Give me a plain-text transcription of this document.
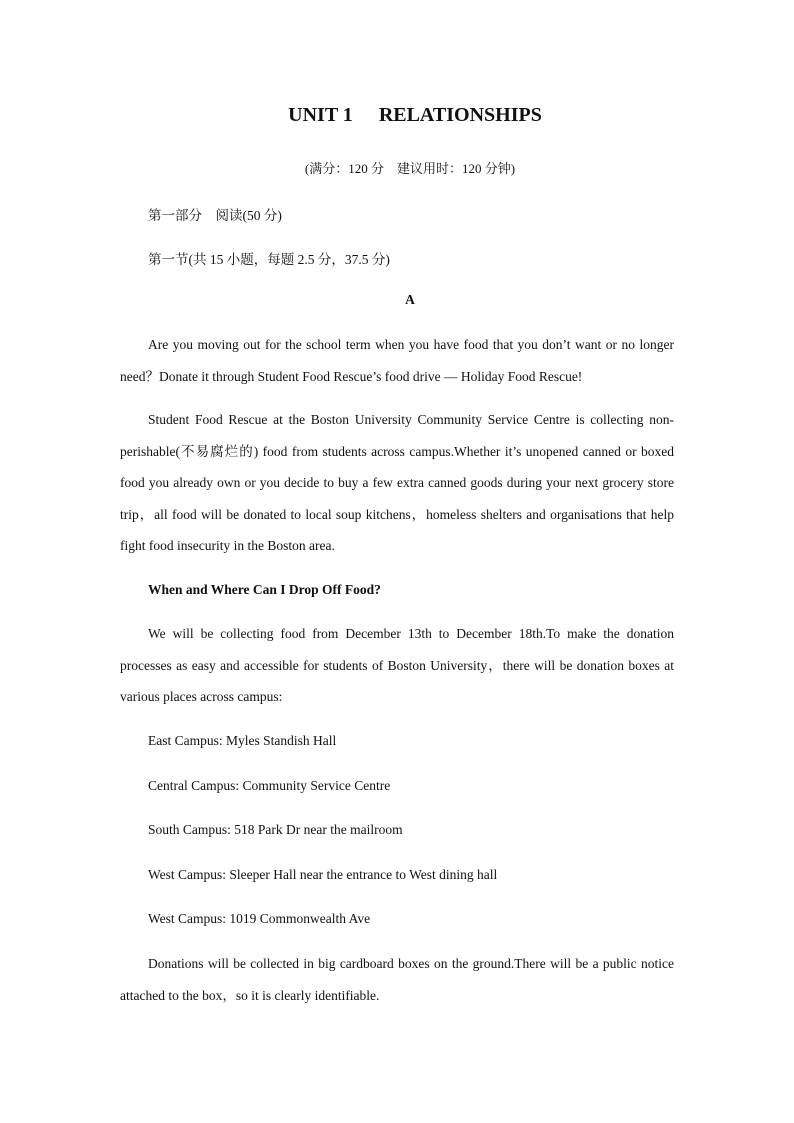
UNIT 1 RELATIONSHIPS
(满分：120 分　建议用时：120 分钟)
第一部分　阅读(50 分)
第一节(共 15 小题，每题 2.5 分，37.5 分)
A
Are you moving out for the school term when you have food that you don’t want or no longer need？Donate it through Student Food Rescue’s food drive — Holiday Food Rescue!
Student Food Rescue at the Boston University Community Service Centre is collecting non-perishable(不易腐烂的) food from students across campus.Whether it’s unopened canned or boxed food you already own or you decide to buy a few extra canned goods during your next grocery store trip，all food will be donated to local soup kitchens，homeless shelters and organisations that help fight food insecurity in the Boston area.
When and Where Can I Drop Off Food?
We will be collecting food from December 13th to December 18th.To make the donation processes as easy and accessible for students of Boston University，there will be donation boxes at various places across campus:
East Campus: Myles Standish Hall
Central Campus: Community Service Centre
South Campus: 518 Park Dr near the mailroom
West Campus: Sleeper Hall near the entrance to West dining hall
West Campus: 1019 Commonwealth Ave
Donations will be collected in big cardboard boxes on the ground.There will be a public notice attached to the box，so it is clearly identifiable.
